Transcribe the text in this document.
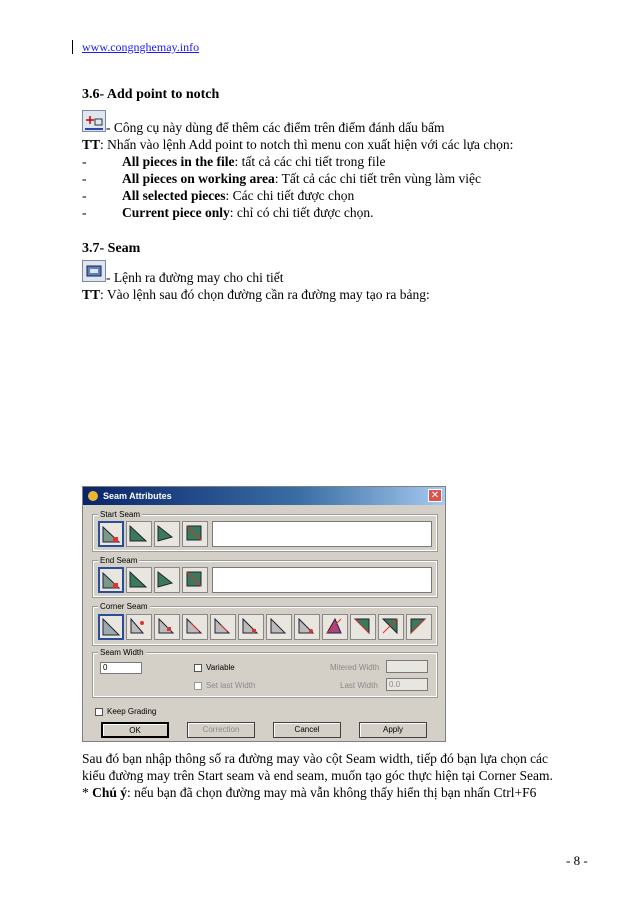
www.congnghemay.info
3.6- Add point to notch
- Công cụ này dùng để thêm các điểm trên điểm đánh dấu bấm
TT: Nhấn vào lệnh Add point to notch thì menu con xuất hiện với các lựa chọn:
-	All pieces in the file: tất cả các chi tiết trong file
-	All pieces on working area: Tất cả các chi tiết trên vùng làm việc
-	All selected pieces: Các chi tiết được chọn
-	Current piece only: chỉ có chi tiết được chọn.
3.7- Seam
- Lệnh ra đường may cho chi tiết
TT: Vào lệnh sau đó chọn đường cần ra đường may tạo ra bảng:
Seam Attributes	✕
Start Seam
End Seam
Corner Seam
Seam Width
0	Variable
Set last Width
Mitered Width
Last Width	0.0
Keep Grading
OK	Correction	Cancel	Apply
Sau đó bạn nhập thông số ra đường may vào cột Seam width, tiếp đó bạn lựa chọn các
kiểu đường may trên Start seam và end seam, muốn tạo góc thực hiện tại Corner Seam.
* Chú ý: nếu bạn đã chọn đường may mà vẫn không thấy hiển thị bạn nhấn Ctrl+F6
- 8 -
